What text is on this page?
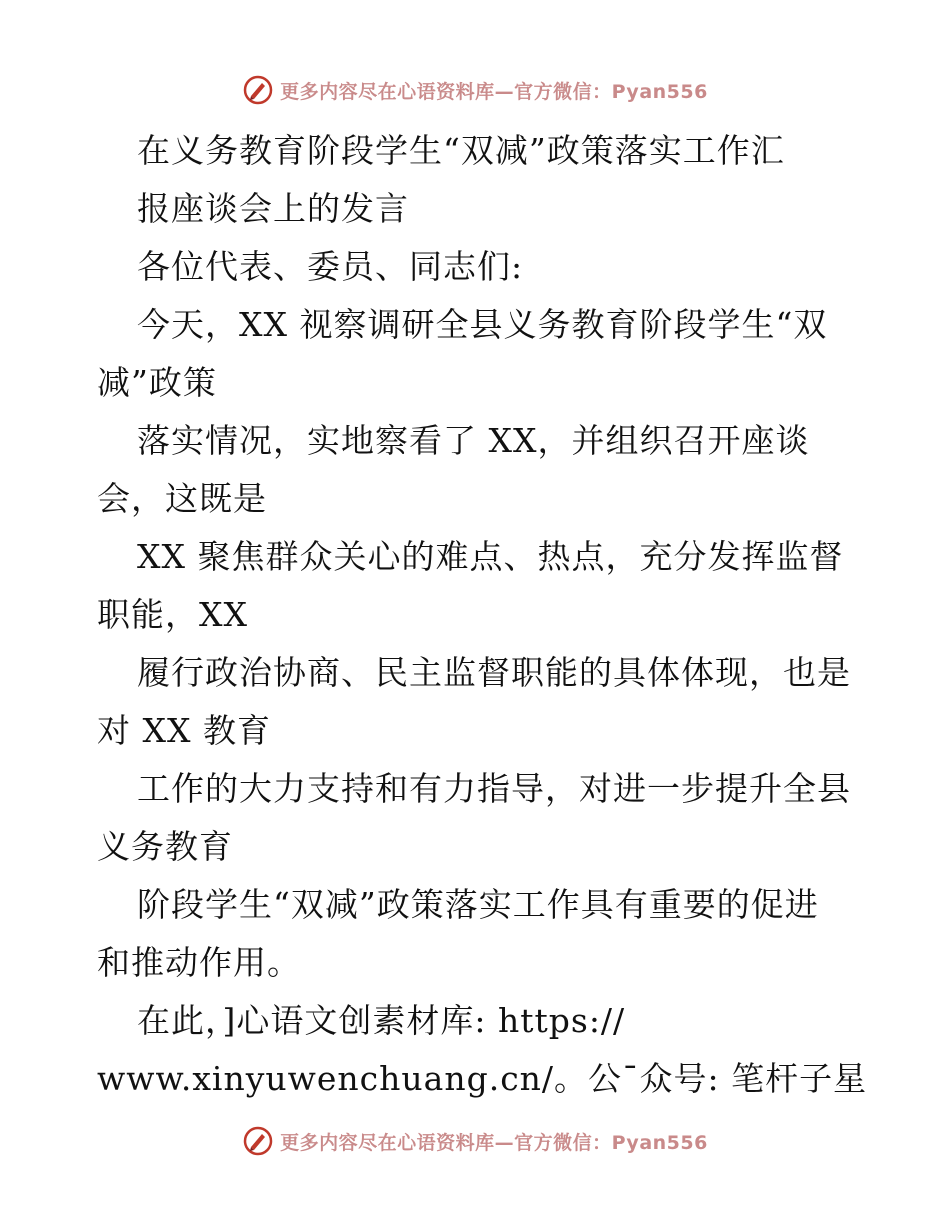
更多内容尽在心语资料库—官方微信：Pyan556
在义务教育阶段学生“双减”政策落实工作汇
报座谈会上的发言
各位代表、委员、同志们:
今天，XX 视察调研全县义务教育阶段学生“双
减”政策
落实情况，实地察看了 XX，并组织召开座谈
会，这既是
XX 聚焦群众关心的难点、热点，充分发挥监督
职能，XX
履行政治协商、民主监督职能的具体体现，也是
对 XX 教育
工作的大力支持和有力指导，对进一步提升全县
义务教育
阶段学生“双减”政策落实工作具有重要的促进
和推动作用。
在此，]心语文创素材库: https://
www.xinyuwenchuang.cn/。公¯众号: 笔杆子星
更多内容尽在心语资料库—官方微信：Pyan556
